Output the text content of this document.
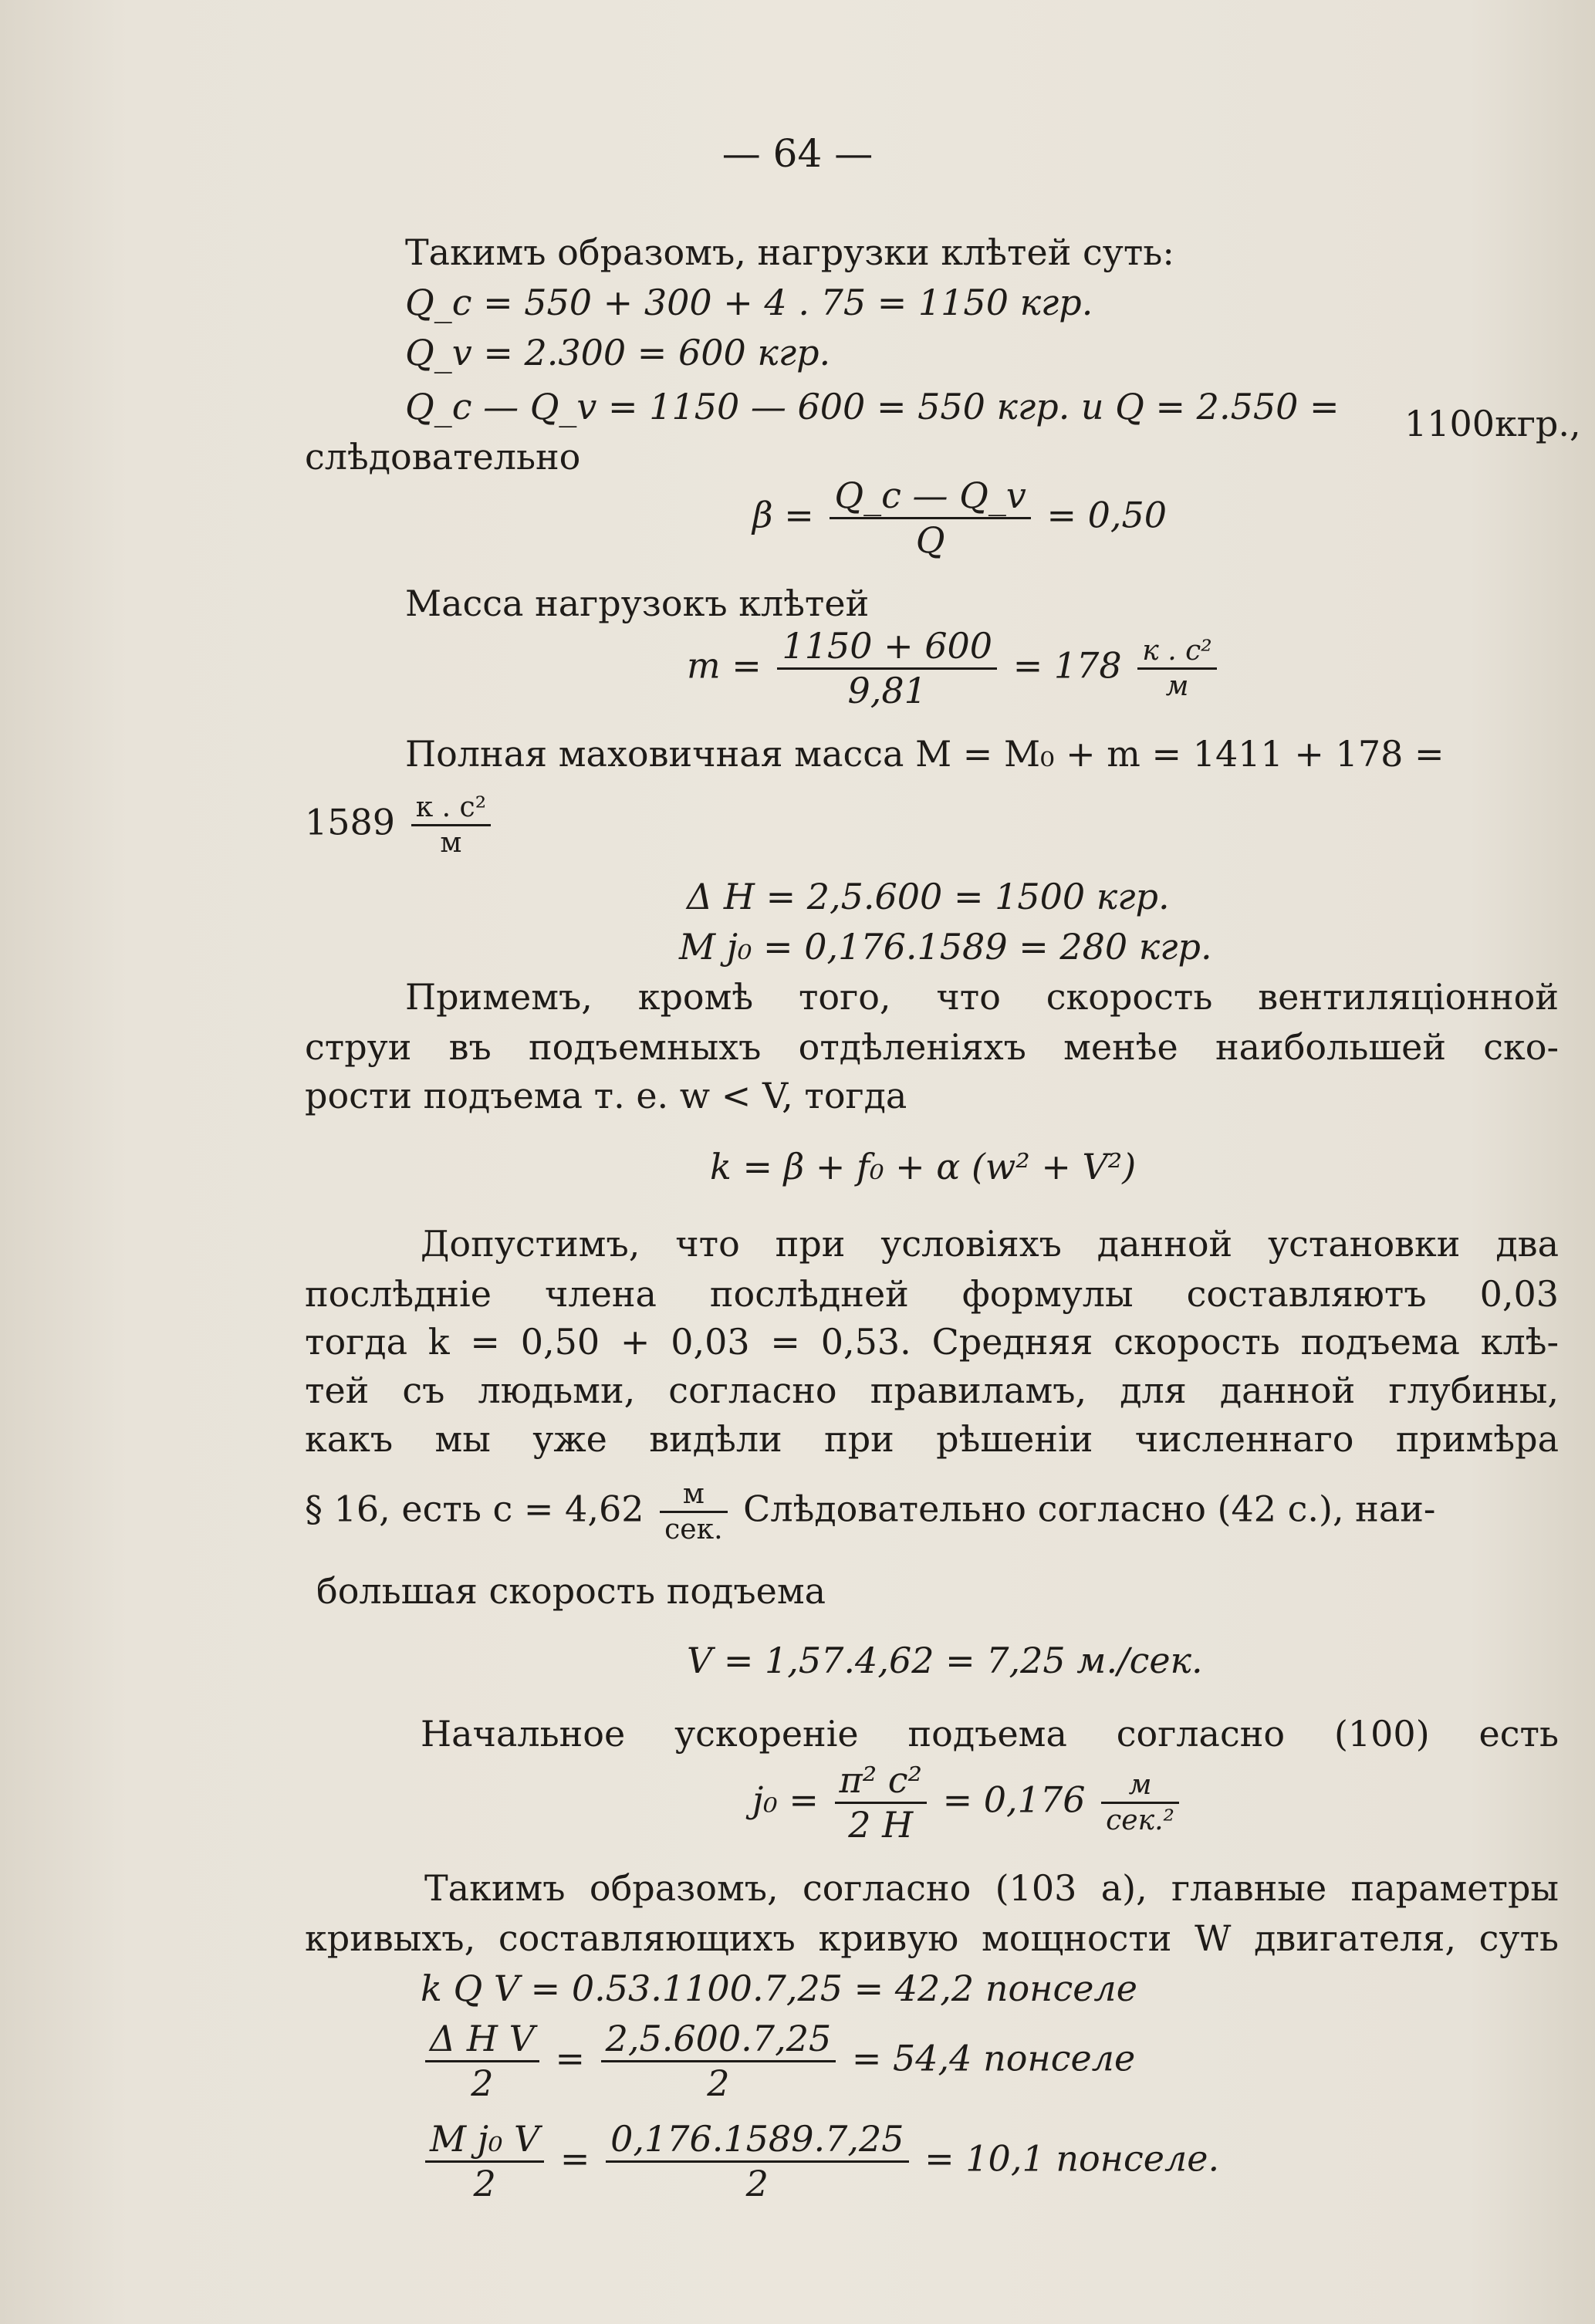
— 64 —
Такимъ образомъ, нагрузки клѣтей суть:
Q_c = 550 + 300 + 4 . 75 = 1150 кгр.
Q_v = 2.300 = 600 кгр.
Q_c — Q_v = 1150 — 600 = 550 кгр. и Q = 2.550 = 1100кгр.,
слѣдовательно
$\beta = \frac{Q\_c — Q\_v}{Q} = 0,50$
Масса нагрузокъ клѣтей
$m = \frac{1150 + 600}{9,81} = 178 \frac{\text{к . с²}}{м}$
Полная маховичная масса M = M₀ + m = 1411 + 178 =
$1589 \frac{\text{к . с²}}{м}$
Δ H = 2,5.600 = 1500 кгр.
M j₀ = 0,176.1589 = 280 кгр.
Примемъ, кромѣ того, что скорость вентиляціонной
струи въ подъемныхъ отдѣленіяхъ менѣе наибольшей ско-
рости подъема т. е. w < V, тогда
k = β + f₀ + α (w² + V²)
Допустимъ, что при условіяхъ данной установки два
послѣдніе члена послѣдней формулы составляютъ 0,03
тогда k = 0,50 + 0,03 = 0,53. Средняя скорость подъема клѣ-
тей съ людьми, согласно правиламъ, для данной глубины,
какъ мы уже видѣли при рѣшеніи численнаго примѣра
§ 16, есть $c = 4,62 \frac{м}{\text{сек.}}$ Слѣдовательно согласно (42 с.), наи-
большая скорость подъема
V = 1,57.4,62 = 7,25 м./сек.
Начальное ускореніе подъема согласно (100) есть
$j_0 = \frac{\text{π² c²}}{2 H} = 0,176 \frac{м}{\text{сек.²}}$
Такимъ образомъ, согласно (103 а), главные параметры
кривыхъ, составляющихъ кривую мощности W двигателя, суть
k Q V = 0.53.1100.7,25 = 42,2 понселе
$\frac{\text{Δ H V}}{2} = \frac{2,5.600.7,25}{2} = 54,4$ понселе
$\frac{\text{M j₀ V}}{2} = \frac{0,176.1589.7,25}{2} = 10,1$ понселе.
